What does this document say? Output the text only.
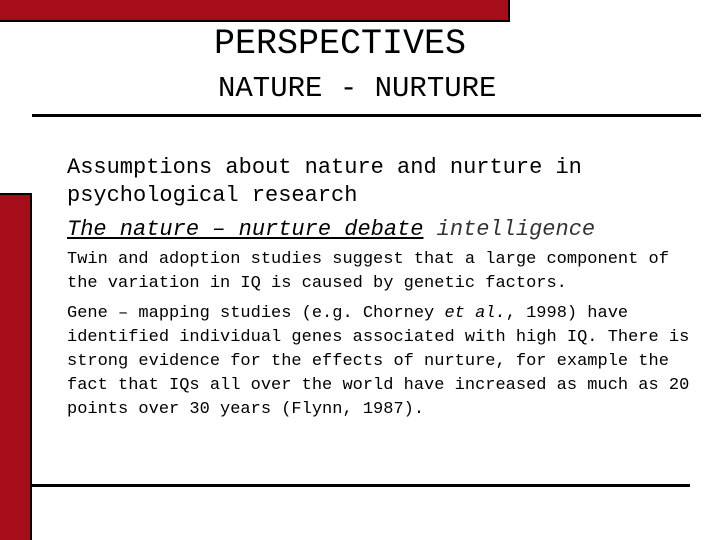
PERSPECTIVES
NATURE - NURTURE

Assumptions about nature and nurture in psychological research

The nature – nurture debate intelligence

Twin and adoption studies suggest that a large component of the variation in IQ is caused by genetic factors.

Gene – mapping studies (e.g. Chorney et al., 1998) have identified individual genes associated with high IQ. There is strong evidence for the effects of nurture, for example the fact that IQs all over the world have increased as much as 20 points over 30 years (Flynn, 1987).
